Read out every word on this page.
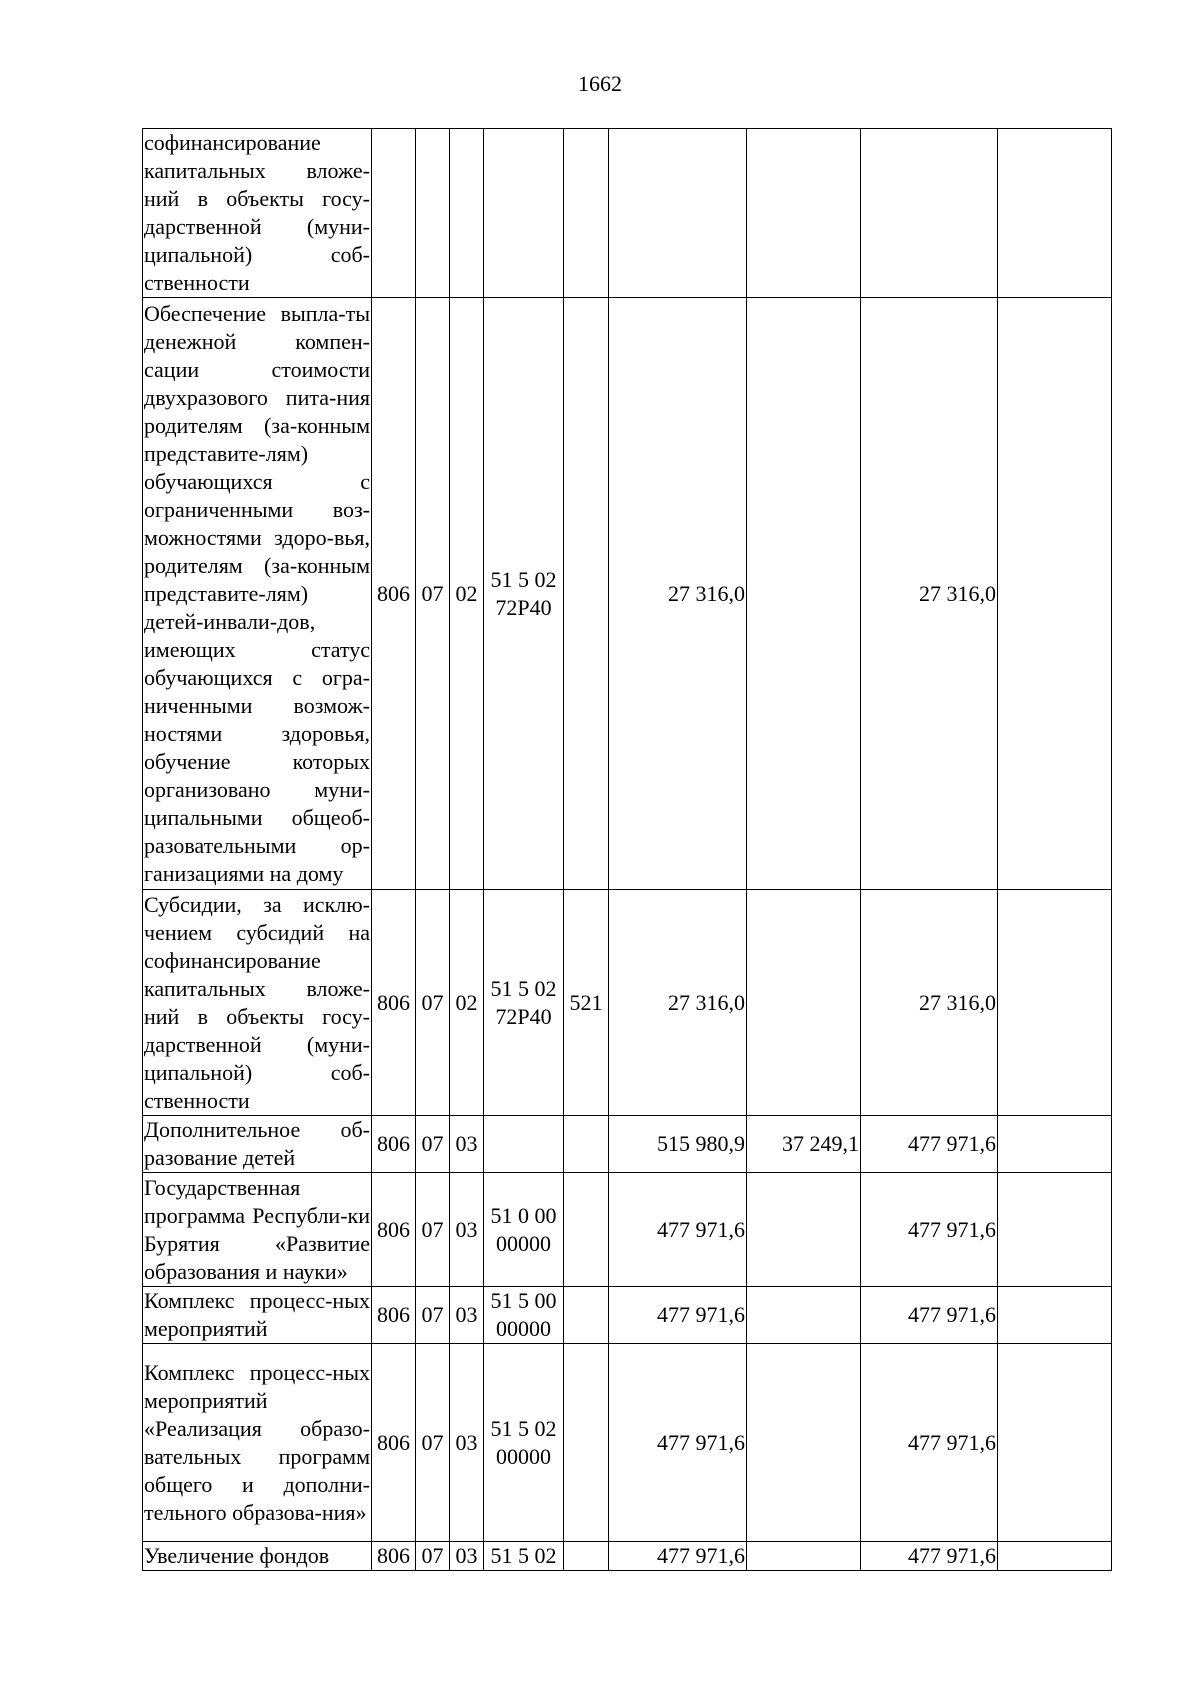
1662
софинансирование капитальных вложе-ний в объекты госу-дарственной (муни-ципальной) соб-ственности									
Обеспечение выпла-ты денежной компен-сации стоимости двухразового пита-ния родителям (за-конным представите-лям) обучающихся с ограниченными воз-можностями здоро-вья, родителям (за-конным представите-лям) детей-инвали-дов, имеющих статус обучающихся с огра-ниченными возмож-ностями здоровья, обучение которых организовано муни-ципальными общеоб-разовательными ор-ганизациями на дому	806	07	02	51 5 02 72Р40		27 316,0		27 316,0	
Субсидии, за исклю-чением субсидий на софинансирование капитальных вложе-ний в объекты госу-дарственной (муни-ципальной) соб-ственности	806	07	02	51 5 02 72Р40	521	27 316,0		27 316,0	
Дополнительное об-разование детей	806	07	03			515 980,9	37 249,1	477 971,6	
Государственная программа Республи-ки Бурятия «Развитие образования и науки»	806	07	03	51 0 00 00000		477 971,6		477 971,6	
Комплекс процесс-ных мероприятий	806	07	03	51 5 00 00000		477 971,6		477 971,6	
Комплекс процесс-ных мероприятий «Реализация образо-вательных программ общего и дополни-тельного образова-ния»	806	07	03	51 5 02 00000		477 971,6		477 971,6	
Увеличение фондов	806	07	03	51 5 02		477 971,6		477 971,6	
